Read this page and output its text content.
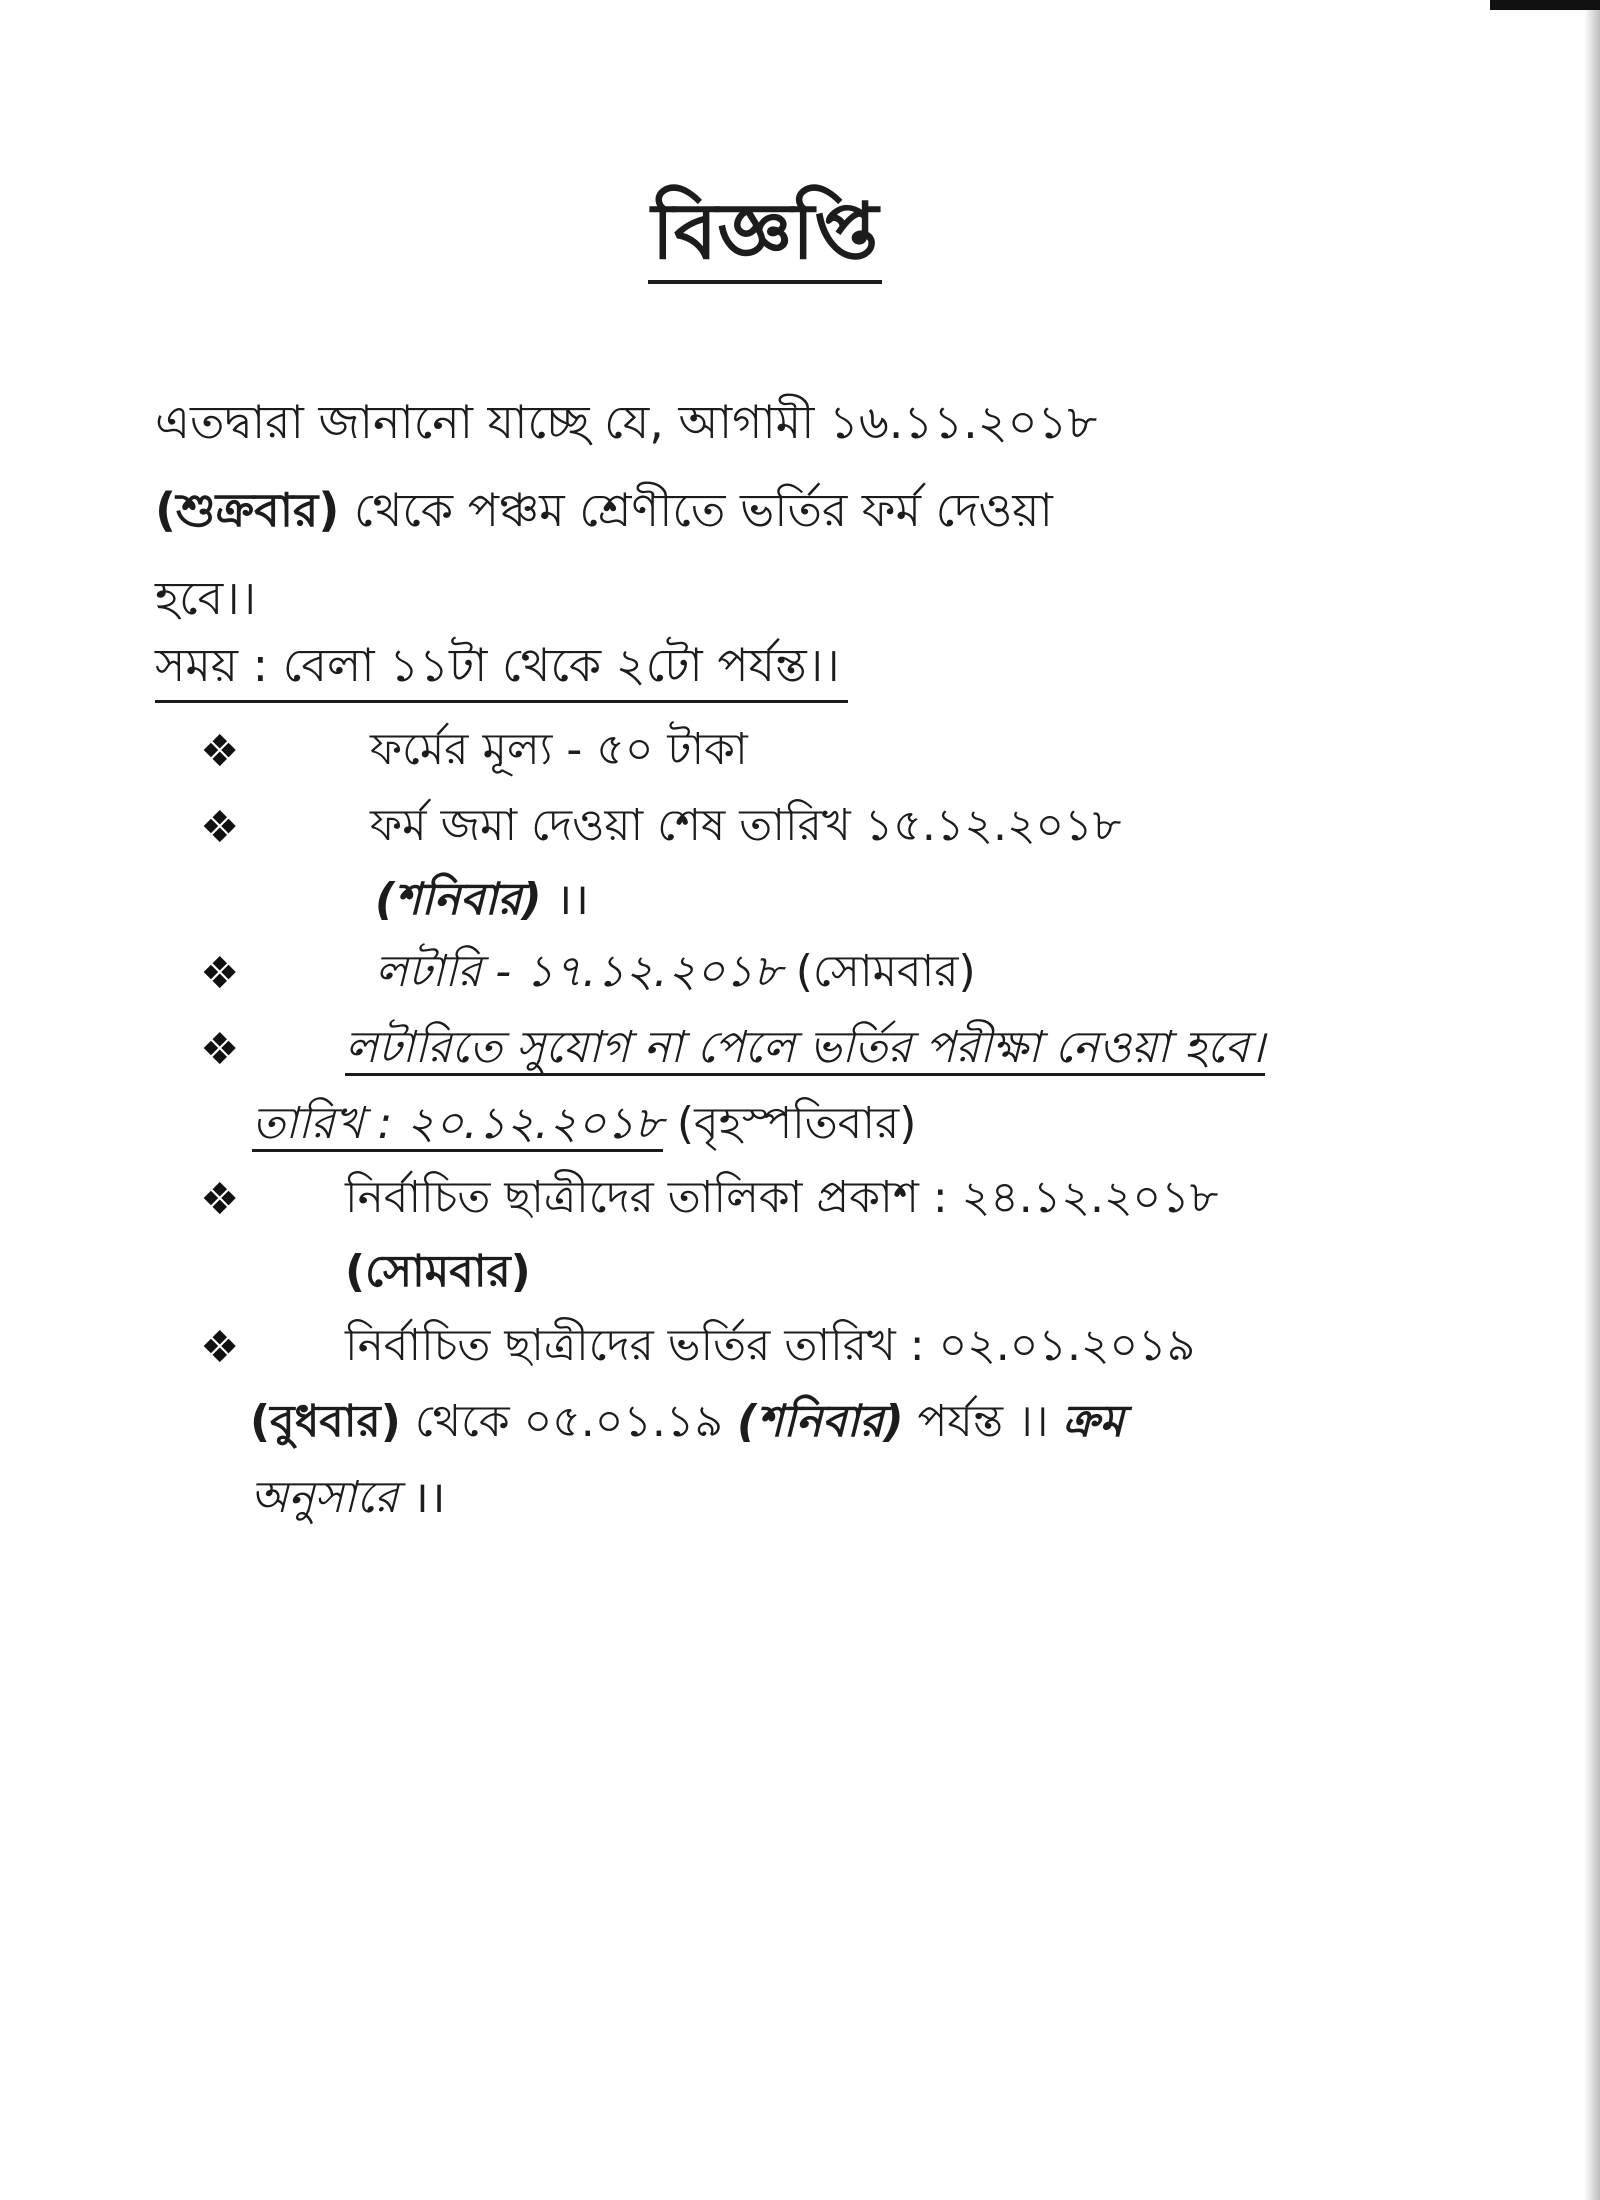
বিজ্ঞপ্তি
এতদ্বারা জানানো যাচ্ছে যে, আগামী ১৬.১১.২০১৮
(শুক্রবার) থেকে পঞ্চম শ্রেণীতে ভর্তির ফর্ম দেওয়া
হবে।।
সময় : বেলা ১১টা থেকে ২টো পর্যন্ত।।
❖	ফর্মের মূল্য - ৫০ টাকা
❖	ফর্ম জমা দেওয়া শেষ তারিখ ১৫.১২.২০১৮
(শনিবার) ।।
❖	লটারি - ১৭.১২.২০১৮ (সোমবার)
❖ লটারিতে সুযোগ না পেলে ভর্তির পরীক্ষা নেওয়া হবে।
তারিখ : ২০.১২.২০১৮ (বৃহস্পতিবার)
❖ নির্বাচিত ছাত্রীদের তালিকা প্রকাশ : ২৪.১২.২০১৮
(সোমবার)
❖ নির্বাচিত ছাত্রীদের ভর্তির তারিখ : ০২.০১.২০১৯
(বুধবার) থেকে ০৫.০১.১৯ (শনিবার) পর্যন্ত ।। ক্রম
অনুসারে ।।
